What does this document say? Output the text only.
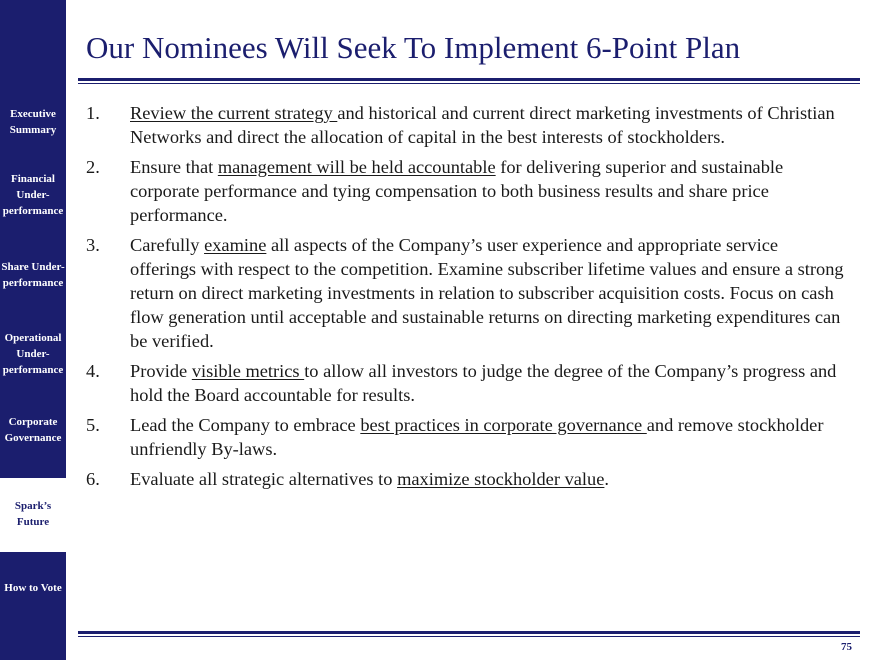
Executive Summary
Financial Under-performance
Share Under-performance
Operational Under-performance
Corporate Governance
Spark’s Future
How to Vote
Our Nominees Will Seek To Implement 6-Point Plan
1.	Review the current strategy and historical and current direct marketing investments of Christian Networks and direct the allocation of capital in the best interests of stockholders.
2.	Ensure that management will be held accountable for delivering superior and sustainable corporate performance and tying compensation to both business results and share price performance.
3.	Carefully examine all aspects of the Company’s user experience and appropriate service offerings with respect to the competition. Examine subscriber lifetime values and ensure a strong return on direct marketing investments in relation to subscriber acquisition costs. Focus on cash flow generation until acceptable and sustainable returns on directing marketing expenditures can be verified.
4.	Provide visible metrics to allow all investors to judge the degree of the Company’s progress and hold the Board accountable for results.
5.	Lead the Company to embrace best practices in corporate governance and remove stockholder unfriendly By-laws.
6.	Evaluate all strategic alternatives to maximize stockholder value.
75
